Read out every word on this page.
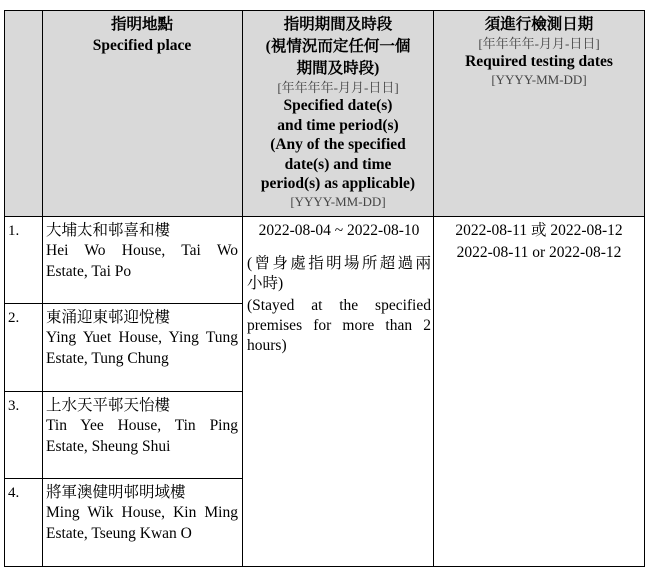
指明地點
Specified place
指明期間及時段
(視情況而定任何一個
期間及時段)
[年年年年-月月-日日]
Specified date(s)
and time period(s)
(Any of the specified
date(s) and time
period(s) as applicable)
[YYYY-MM-DD]
須進行檢測日期
[年年年年-月月-日日]
Required testing dates
[YYYY-MM-DD]
1. 大埔太和邨喜和樓
Hei Wo House, Tai Wo
Estate, Tai Po
2. 東涌迎東邨迎悅樓
Ying Yuet House, Ying Tung
Estate, Tung Chung
3. 上水天平邨天怡樓
Tin Yee House, Tin Ping
Estate, Sheung Shui
4. 將軍澳健明邨明域樓
Ming Wik House, Kin Ming
Estate, Tseung Kwan O
2022-08-04 ~ 2022-08-10
(曾身處指明場所超過兩
小時)
(Stayed at the specified
premises for more than 2
hours)
2022-08-11 或 2022-08-12
2022-08-11 or 2022-08-12
